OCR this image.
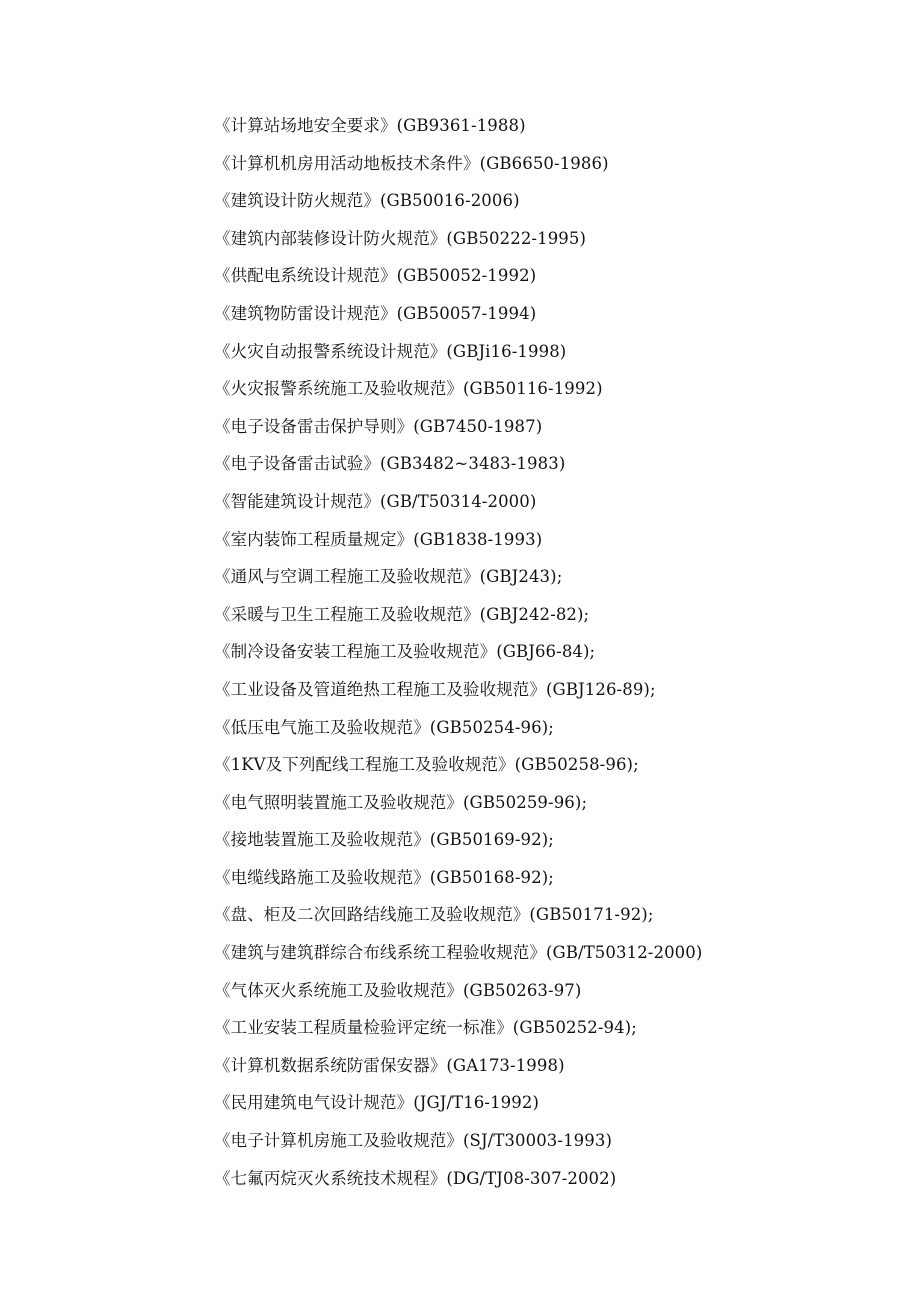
《计算站场地安全要求》(GB9361-1988)
《计算机机房用活动地板技术条件》(GB6650-1986)
《建筑设计防火规范》(GB50016-2006)
《建筑内部装修设计防火规范》(GB50222-1995)
《供配电系统设计规范》(GB50052-1992)
《建筑物防雷设计规范》(GB50057-1994)
《火灾自动报警系统设计规范》(GBJi16-1998)
《火灾报警系统施工及验收规范》(GB50116-1992)
《电子设备雷击保护导则》(GB7450-1987)
《电子设备雷击试验》(GB3482~3483-1983)
《智能建筑设计规范》(GB/T50314-2000)
《室内装饰工程质量规定》(GB1838-1993)
《通风与空调工程施工及验收规范》(GBJ243);
《采暖与卫生工程施工及验收规范》(GBJ242-82);
《制冷设备安装工程施工及验收规范》(GBJ66-84);
《工业设备及管道绝热工程施工及验收规范》(GBJ126-89);
《低压电气施工及验收规范》(GB50254-96);
《1KV及下列配线工程施工及验收规范》(GB50258-96);
《电气照明装置施工及验收规范》(GB50259-96);
《接地装置施工及验收规范》(GB50169-92);
《电缆线路施工及验收规范》(GB50168-92);
《盘、柜及二次回路结线施工及验收规范》(GB50171-92);
《建筑与建筑群综合布线系统工程验收规范》(GB/T50312-2000)
《气体灭火系统施工及验收规范》(GB50263-97)
《工业安装工程质量检验评定统一标准》(GB50252-94);
《计算机数据系统防雷保安器》(GA173-1998)
《民用建筑电气设计规范》(JGJ/T16-1992)
《电子计算机房施工及验收规范》(SJ/T30003-1993)
《七氟丙烷灭火系统技术规程》(DG/TJ08-307-2002)
